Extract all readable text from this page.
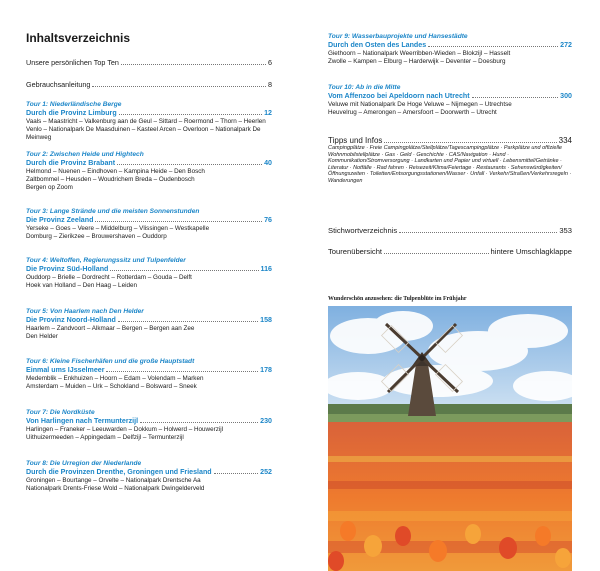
Inhaltsverzeichnis
Unsere persönlichen Top Ten	6
Gebrauchsanleitung	8
Tour 1: Niederländische Berge
Durch die Provinz Limburg	12
Vaals – Maastricht – Valkenburg aan de Geul – Sittard – Roermond – Thorn – Heerlen
Venlo – Nationalpark De Maasduinen – Kasteel Arcen – Overloon – Nationalpark De Meinweg
Tour 2: Zwischen Heide und Hightech
Durch die Provinz Brabant	40
Helmond – Nuenen – Eindhoven – Kampina Heide – Den Bosch
Zaltbommel – Heusden – Woudrichem Breda – Oudenbosch
Bergen op Zoom
Tour 3: Lange Strände und die meisten Sonnenstunden
Die Provinz Zeeland	76
Yerseke – Goes – Veere – Middelburg – Vlissingen – Westkapelle
Domburg – Zierikzee – Brouwershaven – Ouddorp
Tour 4: Weltoffen, Regierungssitz und Tulpenfelder
Die Provinz Süd-Holland	116
Ouddorp – Brielle – Dordrecht – Rotterdam – Gouda – Delft
Hoek van Holland – Den Haag – Leiden
Tour 5: Von Haarlem nach Den Helder
Die Provinz Noord-Holland	158
Haarlem – Zandvoort – Alkmaar – Bergen – Bergen aan Zee
Den Helder
Tour 6: Kleine Fischerhäfen und die große Hauptstadt
Einmal ums IJsselmeer	178
Medemblik – Enkhuizen – Hoorn – Edam – Volendam – Marken
Amsterdam – Muiden – Urk – Schokland – Bolsward – Sneek
Tour 7: Die Nordküste
Von Harlingen nach Termunterzijl	230
Harlingen – Franeker – Leeuwarden – Dokkum – Holwerd – Houwerzijl
Uithuizermeeden – Appingedam – Delfzijl – Termunterzijl
Tour 8: Die Urregion der Niederlande
Durch die Provinzen Drenthe, Groningen und Friesland	252
Groningen – Bourtange – Orvelte – Nationalpark Drentsche Aa
Nationalpark Drents-Friese Wold – Nationalpark Dwingelderveld
Tour 9: Wasserbauprojekte und Hansestädte
Durch den Osten des Landes	272
Giethoorn – Nationalpark Weerribben-Wieden – Blokzijl – Hasselt
Zwolle – Kampen – Elburg – Harderwijk – Deventer – Doesburg
Tour 10: Ab in die Mitte
Vom Affenzoo bei Apeldoorn nach Utrecht	300
Veluwe mit Nationalpark De Hoge Veluwe – Nijmegen – Utrechtse
Heuvelrug – Amerongen – Amersfoort – Doorwerth – Utrecht
Tipps und Infos	334
Campingplätze · Freie Campingplätze/Stellplätze/Tagescampingplätze · Parkplätze und offizielle Wohnmobilstellplätze · Gas · Geld · Geschichte · CAS/Navigation · Hund · Kommunikation/Stromversorgung · Landkarten und Papier und virtuell · Lebensmittel/Getränke · Literatur · Notfälle · Rad fahren · Reisezeit/Klima/Feiertage · Restaurants · Sehenswürdigkeiten/Öffnungszeiten · Toiletten/Entsorgungsstationen/Wasser · Unfall · Verkehr/Straßen/Verkehrsregeln · Wanderungen
Stichwortverzeichnis	353
Tourenübersicht	hintere Umschlagklappe
Wunderschön anzusehen: die Tulpenblüte im Frühjahr
